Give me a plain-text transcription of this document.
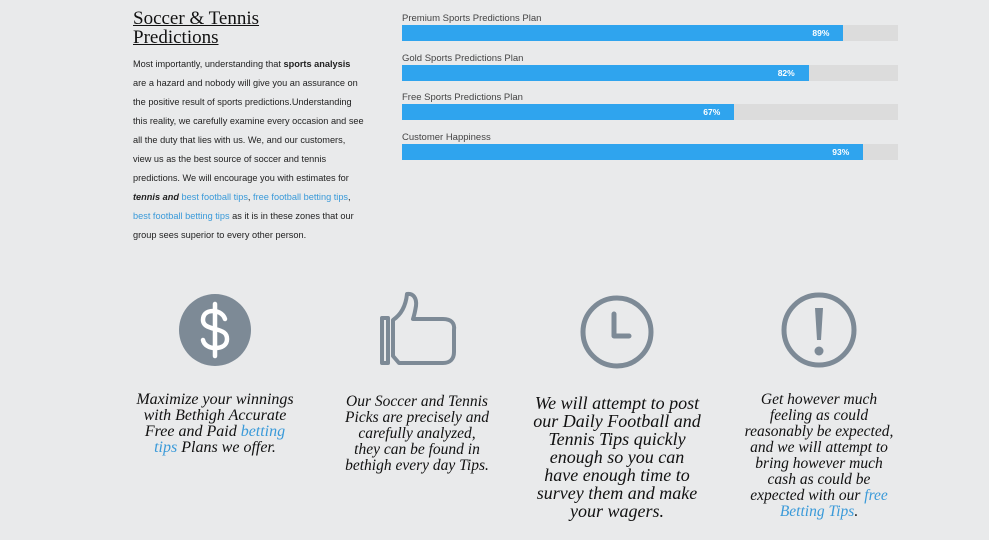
Soccer & Tennis
Predictions

Most importantly, understanding that sports analysis are a hazard and nobody will give you an assurance on the positive result of sports predictions.Understanding this reality, we carefully examine every occasion and see all the duty that lies with us. We, and our customers, view us as the best source of soccer and tennis predictions. We will encourage you with estimates for tennis and best football tips, free football betting tips, best football betting tips as it is in these zones that our group sees superior to every other person.

Premium Sports Predictions Plan
89%
Gold Sports Predictions Plan
82%
Free Sports Predictions Plan
67%
Customer Happiness
93%
Maximize your winnings with Bethigh Accurate Free and Paid betting tips Plans we offer.
Our Soccer and Tennis Picks are precisely and carefully analyzed, they can be found in bethigh every day Tips.
We will attempt to post our Daily Football and Tennis Tips quickly enough so you can have enough time to survey them and make your wagers.
Get however much feeling as could reasonably be expected, and we will attempt to bring however much cash as could be expected with our free Betting Tips.
